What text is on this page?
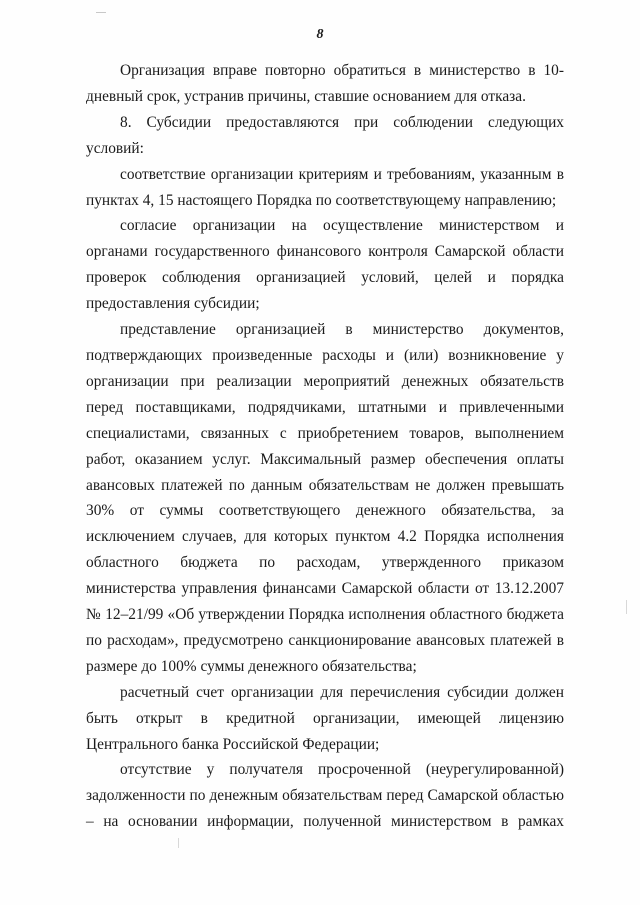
8

Организация вправе повторно обратиться в министерство в 10-дневный срок, устранив причины, ставшие основанием для отказа.

8. Субсидии предоставляются при соблюдении следующих условий:

соответствие организации критериям и требованиям, указанным в пунктах 4, 15 настоящего Порядка по соответствующему направлению;

согласие организации на осуществление министерством и органами государственного финансового контроля Самарской области проверок соблюдения организацией условий, целей и порядка предоставления субсидии;

представление организацией в министерство документов, подтверждающих произведенные расходы и (или) возникновение у организации при реализации мероприятий денежных обязательств перед поставщиками, подрядчиками, штатными и привлеченными специалистами, связанных с приобретением товаров, выполнением работ, оказанием услуг. Максимальный размер обеспечения оплаты авансовых платежей по данным обязательствам не должен превышать 30% от суммы соответствующего денежного обязательства, за исключением случаев, для которых пунктом 4.2 Порядка исполнения областного бюджета по расходам, утвержденного приказом министерства управления финансами Самарской области от 13.12.2007 № 12–21/99 «Об утверждении Порядка исполнения областного бюджета по расходам», предусмотрено санкционирование авансовых платежей в размере до 100% суммы денежного обязательства;

расчетный счет организации для перечисления субсидии должен быть открыт в кредитной организации, имеющей лицензию Центрального банка Российской Федерации;

отсутствие у получателя просроченной (неурегулированной) задолженности по денежным обязательствам перед Самарской областью – на основании информации, полученной министерством в рамках
